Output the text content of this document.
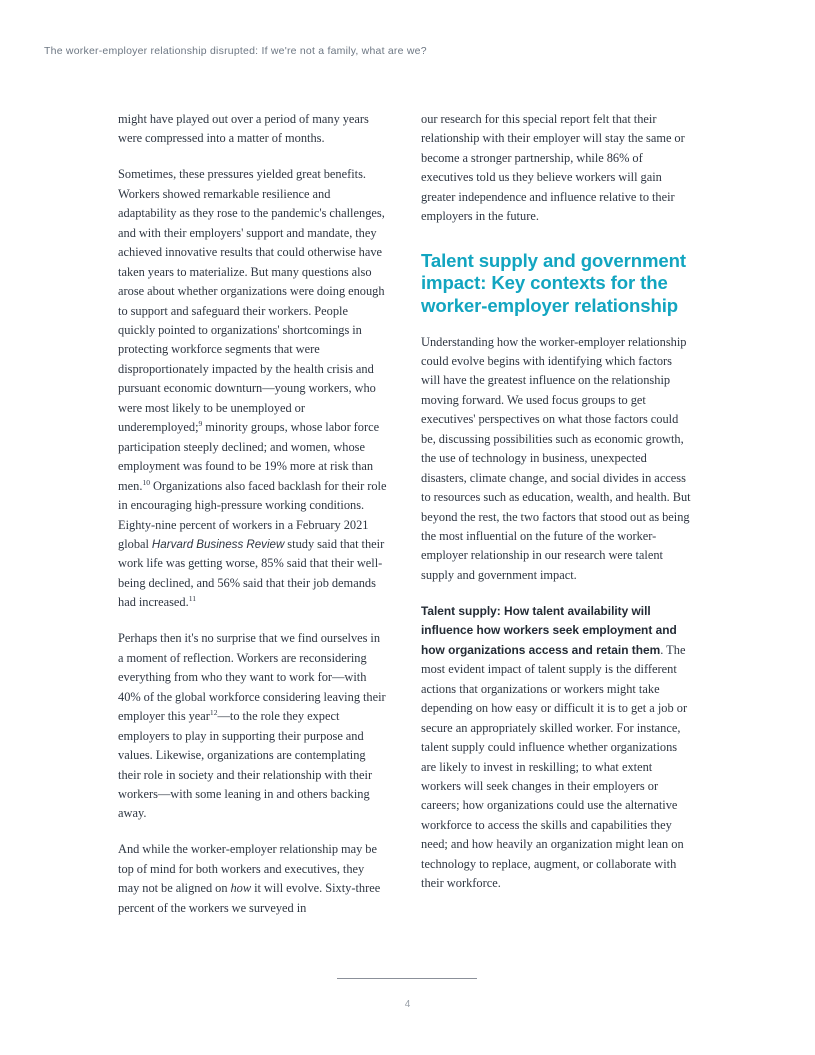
The worker-employer relationship disrupted: If we're not a family, what are we?

might have played out over a period of many years were compressed into a matter of months.

Sometimes, these pressures yielded great benefits. Workers showed remarkable resilience and adaptability as they rose to the pandemic's challenges, and with their employers' support and mandate, they achieved innovative results that could otherwise have taken years to materialize. But many questions also arose about whether organizations were doing enough to support and safeguard their workers. People quickly pointed to organizations' shortcomings in protecting workforce segments that were disproportionately impacted by the health crisis and pursuant economic downturn—young workers, who were most likely to be unemployed or underemployed;$^9$ minority groups, whose labor force participation steeply declined; and women, whose employment was found to be 19% more at risk than men.$^{10}$ Organizations also faced backlash for their role in encouraging high-pressure working conditions. Eighty-nine percent of workers in a February 2021 global Harvard Business Review study said that their work life was getting worse, 85% said that their well-being declined, and 56% said that their job demands had increased.$^{11}$

Perhaps then it's no surprise that we find ourselves in a moment of reflection. Workers are reconsidering everything from who they want to work for—with 40% of the global workforce considering leaving their employer this year$^{12}$—to the role they expect employers to play in supporting their purpose and values. Likewise, organizations are contemplating their role in society and their relationship with their workers—with some leaning in and others backing away.

And while the worker-employer relationship may be top of mind for both workers and executives, they may not be aligned on how it will evolve. Sixty-three percent of the workers we surveyed in

our research for this special report felt that their relationship with their employer will stay the same or become a stronger partnership, while 86% of executives told us they believe workers will gain greater independence and influence relative to their employers in the future.

Talent supply and government impact: Key contexts for the worker-employer relationship

Understanding how the worker-employer relationship could evolve begins with identifying which factors will have the greatest influence on the relationship moving forward. We used focus groups to get executives' perspectives on what those factors could be, discussing possibilities such as economic growth, the use of technology in business, unexpected disasters, climate change, and social divides in access to resources such as education, wealth, and health. But beyond the rest, the two factors that stood out as being the most influential on the future of the worker-employer relationship in our research were talent supply and government impact.

Talent supply: How talent availability will influence how workers seek employment and how organizations access and retain them. The most evident impact of talent supply is the different actions that organizations or workers might take depending on how easy or difficult it is to get a job or secure an appropriately skilled worker. For instance, talent supply could influence whether organizations are likely to invest in reskilling; to what extent workers will seek changes in their employers or careers; how organizations could use the alternative workforce to access the skills and capabilities they need; and how heavily an organization might lean on technology to replace, augment, or collaborate with their workforce.

4
